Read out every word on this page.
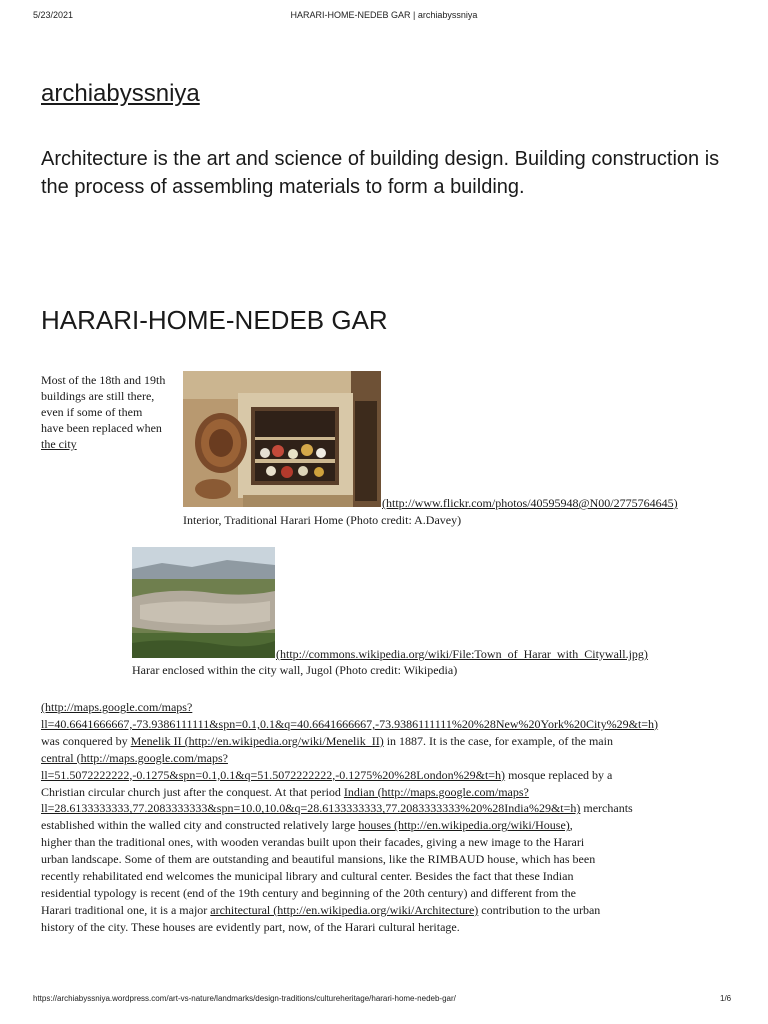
5/23/2021	HARARI-HOME-NEDEB GAR | archiabyssniya
archiabyssniya
Architecture is the art and science of building design. Building construction is the process of assembling materials to form a building.
HARARI-HOME-NEDEB GAR
Most of the 18th and 19th buildings are still there, even if some of them have been replaced when the city
(http://www.flickr.com/photos/40595948@N00/2775764645)
Interior, Traditional Harari Home (Photo credit: A.Davey)
(http://commons.wikipedia.org/wiki/File:Town_of_Harar_with_Citywall.jpg)
Harar enclosed within the city wall, Jugol (Photo credit: Wikipedia)
(http://maps.google.com/maps?
ll=40.6641666667,-73.9386111111&spn=0.1,0.1&q=40.6641666667,-73.9386111111%20%28New%20York%20City%29&t=h)
was conquered by Menelik II (http://en.wikipedia.org/wiki/Menelik_II) in 1887. It is the case, for example, of the main
central (http://maps.google.com/maps?
ll=51.5072222222,-0.1275&spn=0.1,0.1&q=51.5072222222,-0.1275%20%28London%29&t=h) mosque replaced by a
Christian circular church just after the conquest. At that period Indian (http://maps.google.com/maps?
ll=28.6133333333,77.2083333333&spn=10.0,10.0&q=28.6133333333,77.2083333333%20%28India%29&t=h) merchants
established within the walled city and constructed relatively large houses (http://en.wikipedia.org/wiki/House),
higher than the traditional ones, with wooden verandas built upon their facades, giving a new image to the Harari
urban landscape. Some of them are outstanding and beautiful mansions, like the RIMBAUD house, which has been
recently rehabilitated end welcomes the municipal library and cultural center. Besides the fact that these Indian
residential typology is recent (end of the 19th century and beginning of the 20th century) and different from the
Harari traditional one, it is a major architectural (http://en.wikipedia.org/wiki/Architecture) contribution to the urban
history of the city. These houses are evidently part, now, of the Harari cultural heritage.
https://archiabyssniya.wordpress.com/art-vs-nature/landmarks/design-traditions/cultureheritage/harari-home-nedeb-gar/	1/6
